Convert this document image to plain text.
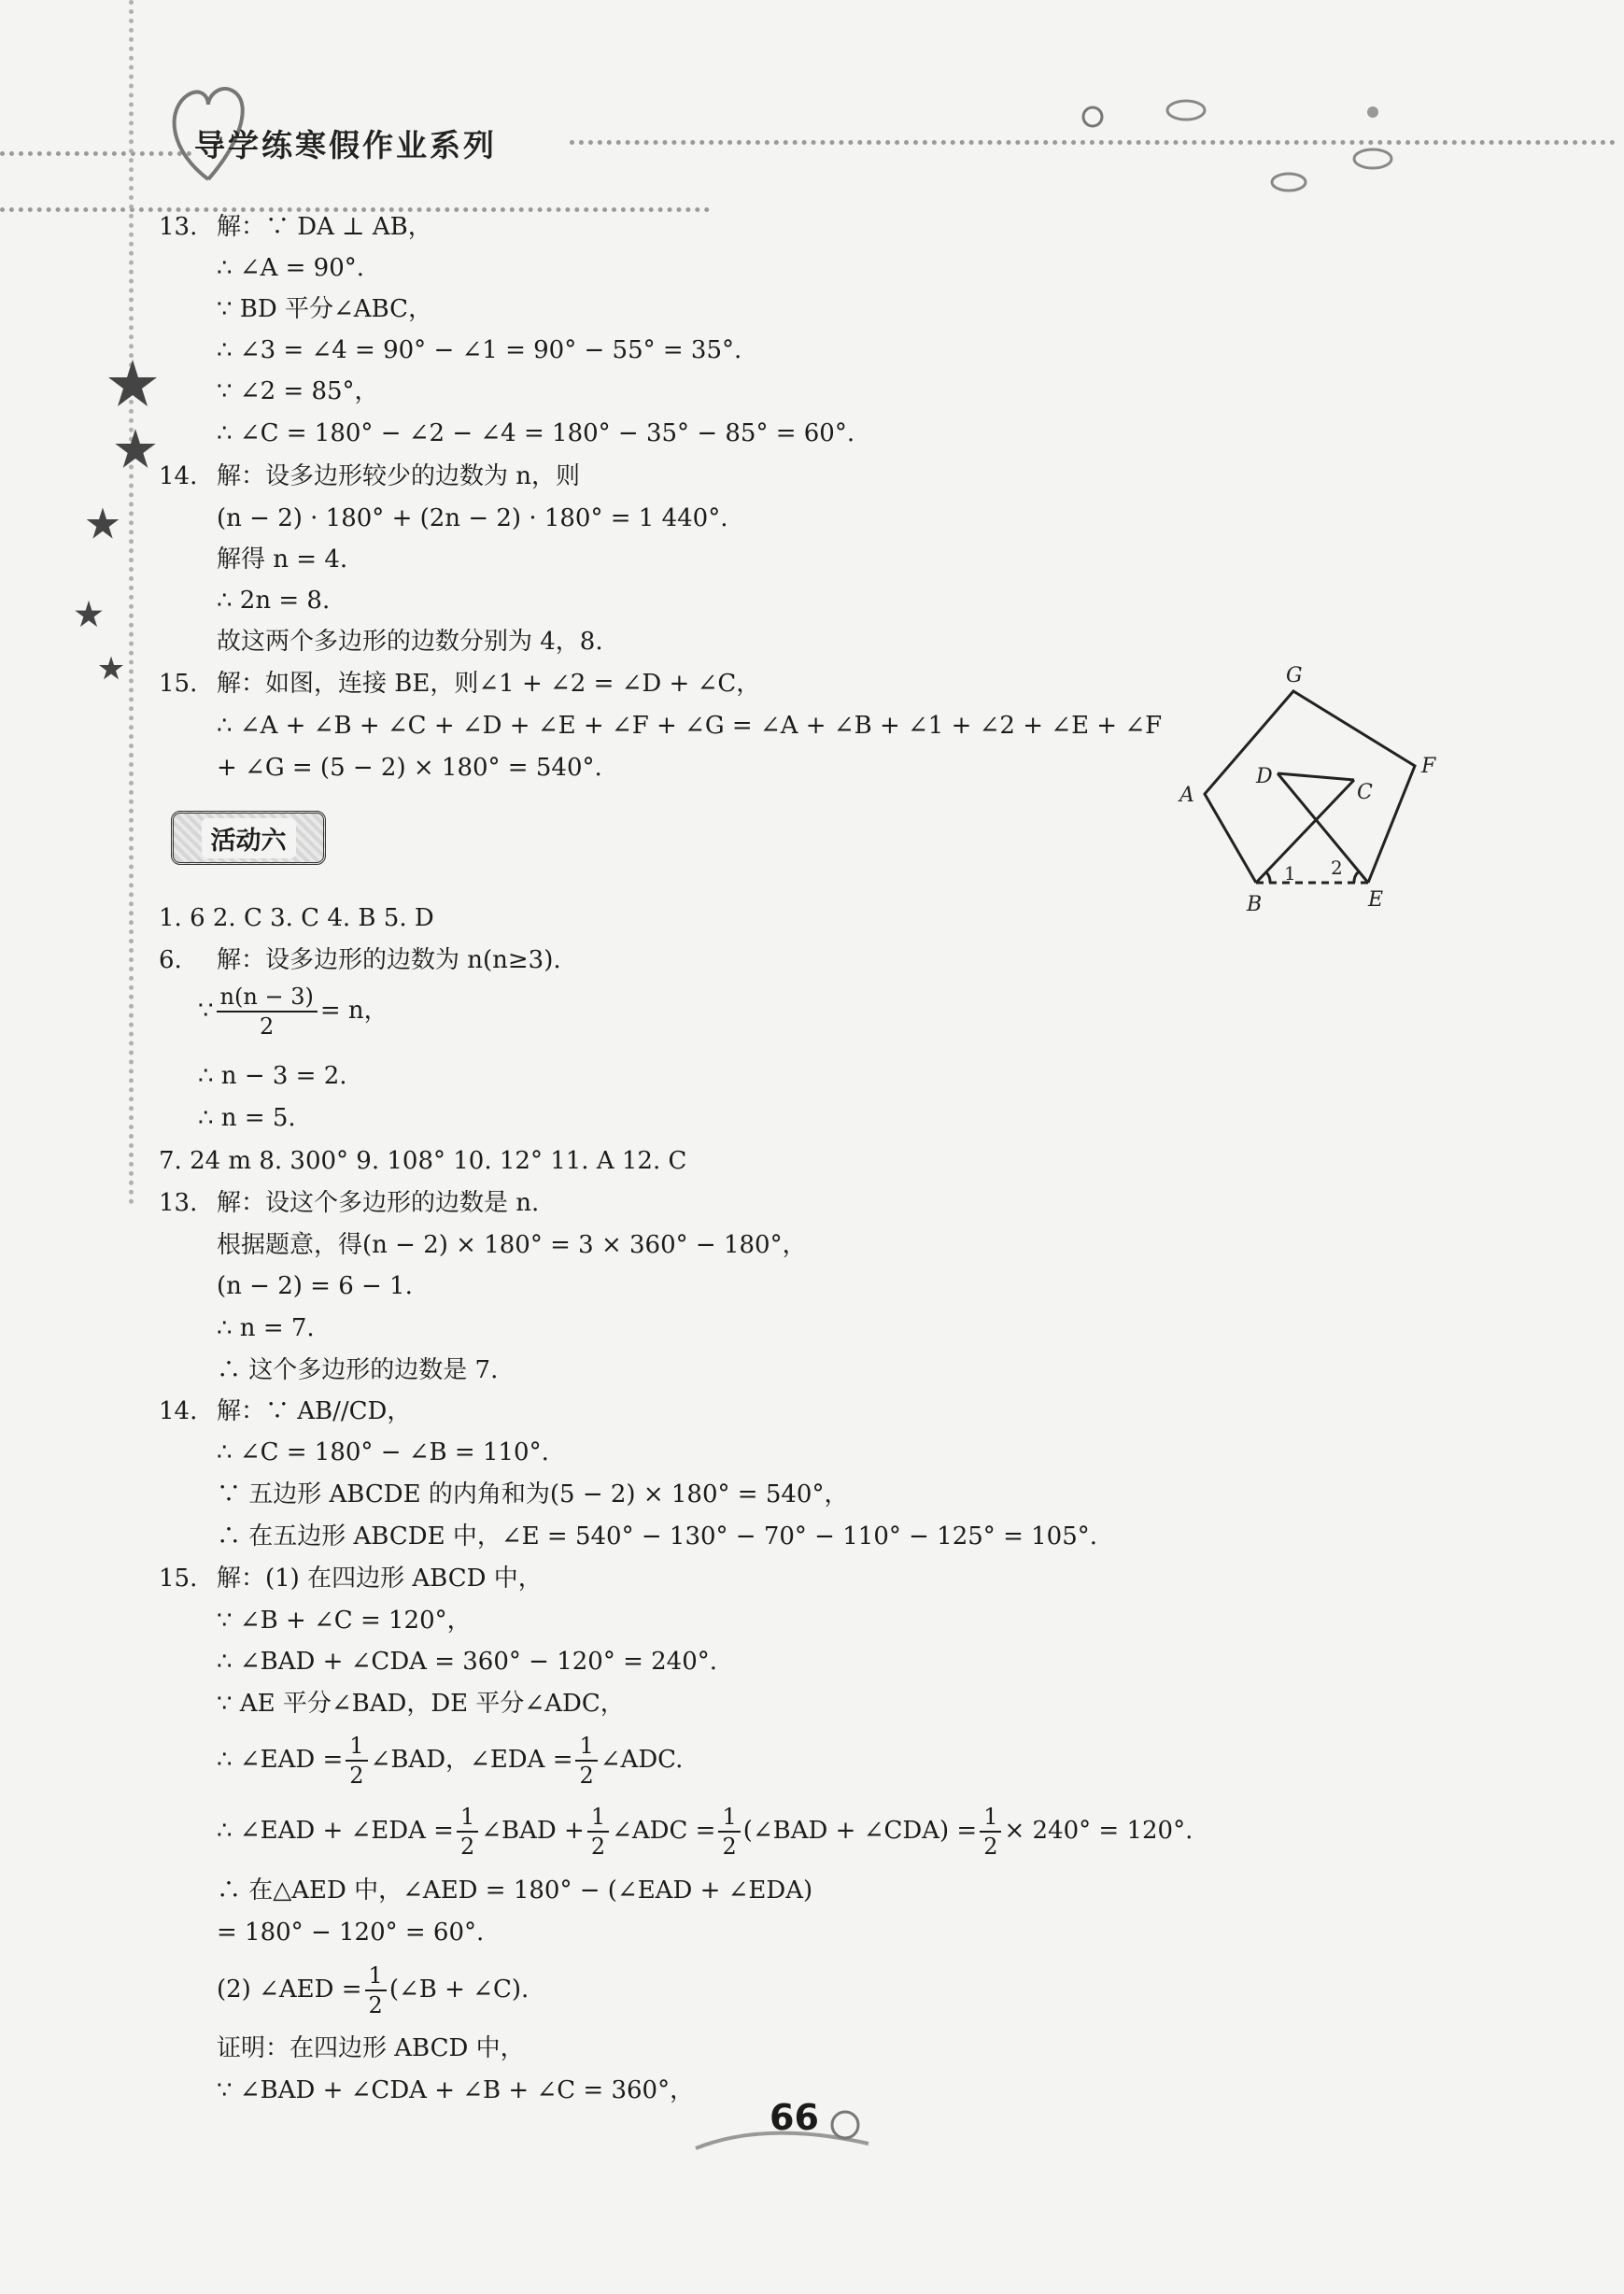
导学练寒假作业系列
13. 解：∵ DA ⊥ AB，
∴ ∠A = 90°.
∵ BD 平分∠ABC，
∴ ∠3 = ∠4 = 90° − ∠1 = 90° − 55° = 35°.
∵ ∠2 = 85°，
∴ ∠C = 180° − ∠2 − ∠4 = 180° − 35° − 85° = 60°.
14. 解：设多边形较少的边数为 n，则
(n − 2) · 180° + (2n − 2) · 180° = 1 440°.
解得 n = 4.
∴ 2n = 8.
故这两个多边形的边数分别为 4，8.
15. 解：如图，连接 BE，则∠1 + ∠2 = ∠D + ∠C，
∴ ∠A + ∠B + ∠C + ∠D + ∠E + ∠F + ∠G = ∠A + ∠B + ∠1 + ∠2 + ∠E + ∠F
+ ∠G = (5 − 2) × 180° = 540°.
G
A
F
D
C
1 2
B	E
活动六
1. 6 2. C 3. C 4. B 5. D
6. 解：设多边形的边数为 n(n≥3).
∵ $\frac{n(n - 3)}{2} = n$，
∴ n − 3 = 2.
∴ n = 5.
7. 24 m 8. 300° 9. 108° 10. 12° 11. A 12. C
13. 解：设这个多边形的边数是 n.
根据题意，得(n − 2) × 180° = 3 × 360° − 180°，
(n − 2) = 6 − 1.
∴ n = 7.
∴ 这个多边形的边数是 7.
14. 解：∵ AB//CD，
∴ ∠C = 180° − ∠B = 110°.
∵ 五边形 ABCDE 的内角和为(5 − 2) × 180° = 540°，
∴ 在五边形 ABCDE 中，∠E = 540° − 130° − 70° − 110° − 125° = 105°.
15. 解：(1) 在四边形 ABCD 中，
∵ ∠B + ∠C = 120°，
∴ ∠BAD + ∠CDA = 360° − 120° = 240°.
∵ AE 平分∠BAD，DE 平分∠ADC，
∴ ∠EAD = $\frac{1}{2}$ ∠BAD，∠EDA = $\frac{1}{2}$ ∠ADC.
∴ ∠EAD + ∠EDA = $\frac{1}{2}$ ∠BAD + $\frac{1}{2}$ ∠ADC = $\frac{1}{2}$ (∠BAD + ∠CDA) = $\frac{1}{2} \times 240^\circ = 120^\circ$.
∴ 在△AED 中，∠AED = 180° − (∠EAD + ∠EDA)
= 180° − 120° = 60°.
(2) ∠AED = $\frac{1}{2}$ (∠B + ∠C).
证明：在四边形 ABCD 中，
∵ ∠BAD + ∠CDA + ∠B + ∠C = 360°，
66
